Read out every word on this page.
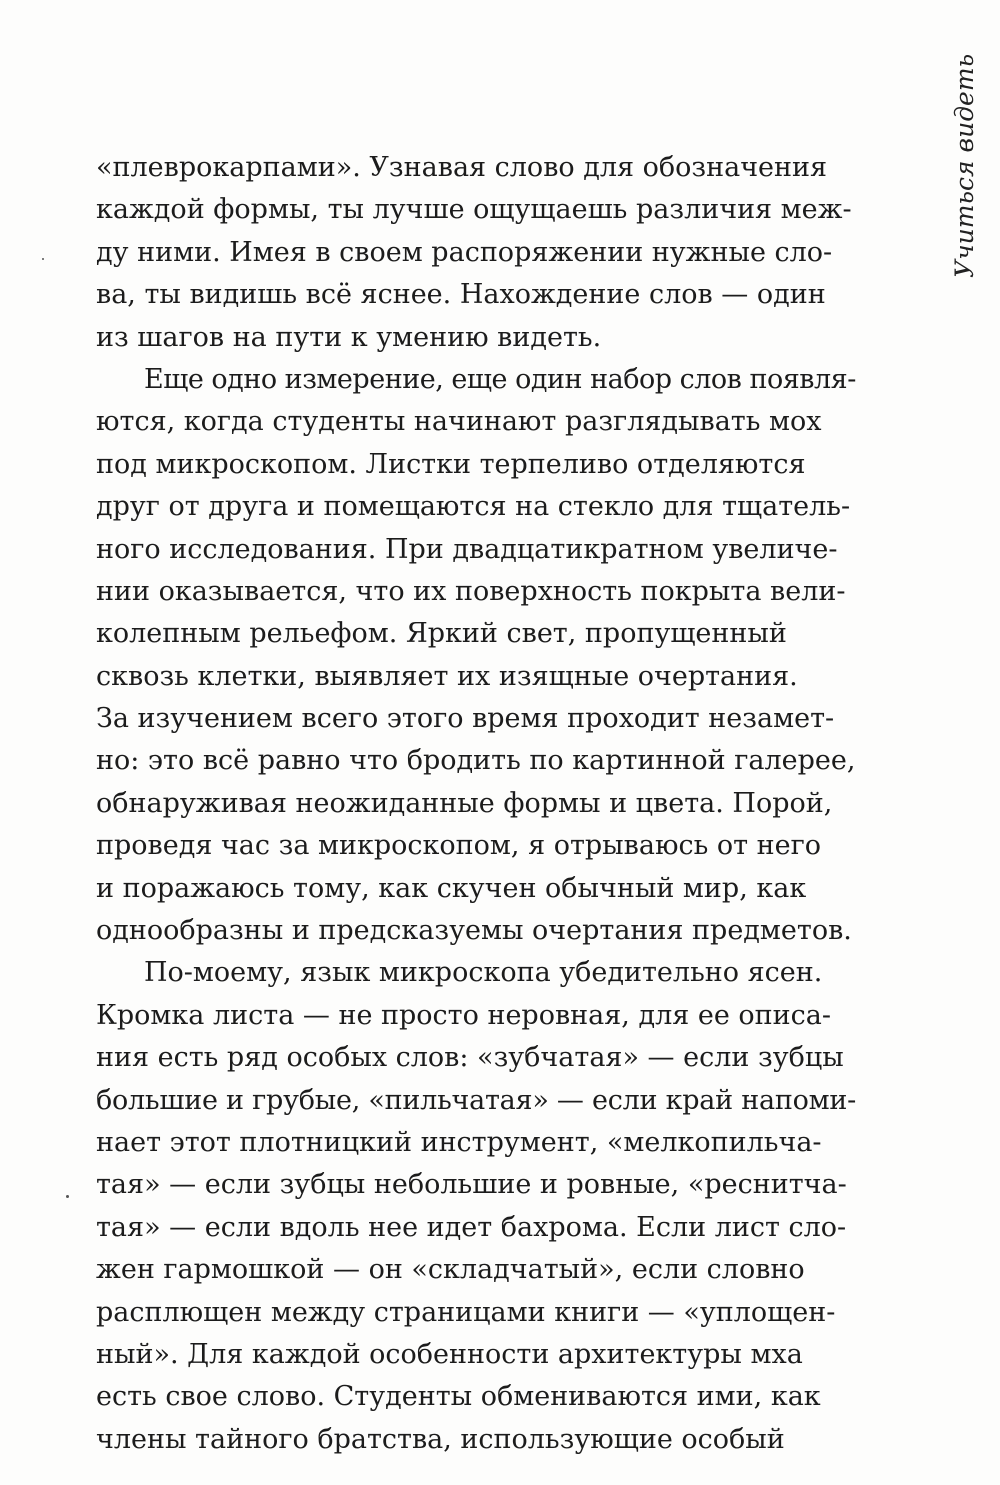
Учиться видеть
«плеврокарпами». Узнавая слово для обозначения
каждой формы, ты лучше ощущаешь различия меж-
ду ними. Имея в своем распоряжении нужные сло-
ва, ты видишь всё яснее. Нахождение слов — один
из шагов на пути к умению видеть.
Еще одно измерение, еще один набор слов появля-
ются, когда студенты начинают разглядывать мох
под микроскопом. Листки терпеливо отделяются
друг от друга и помещаются на стекло для тщатель-
ного исследования. При двадцатикратном увеличе-
нии оказывается, что их поверхность покрыта вели-
колепным рельефом. Яркий свет, пропущенный
сквозь клетки, выявляет их изящные очертания.
За изучением всего этого время проходит незамет-
но: это всё равно что бродить по картинной галерее,
обнаруживая неожиданные формы и цвета. Порой,
проведя час за микроскопом, я отрываюсь от него
и поражаюсь тому, как скучен обычный мир, как
однообразны и предсказуемы очертания предметов.
По-моему, язык микроскопа убедительно ясен.
Кромка листа — не просто неровная, для ее описа-
ния есть ряд особых слов: «зубчатая» — если зубцы
большие и грубые, «пильчатая» — если край напоми-
нает этот плотницкий инструмент, «мелкопильча-
тая» — если зубцы небольшие и ровные, «реснитча-
тая» — если вдоль нее идет бахрома. Если лист сло-
жен гармошкой — он «складчатый», если словно
расплющен между страницами книги — «уплощен-
ный». Для каждой особенности архитектуры мха
есть свое слово. Студенты обмениваются ими, как
члены тайного братства, использующие особый
